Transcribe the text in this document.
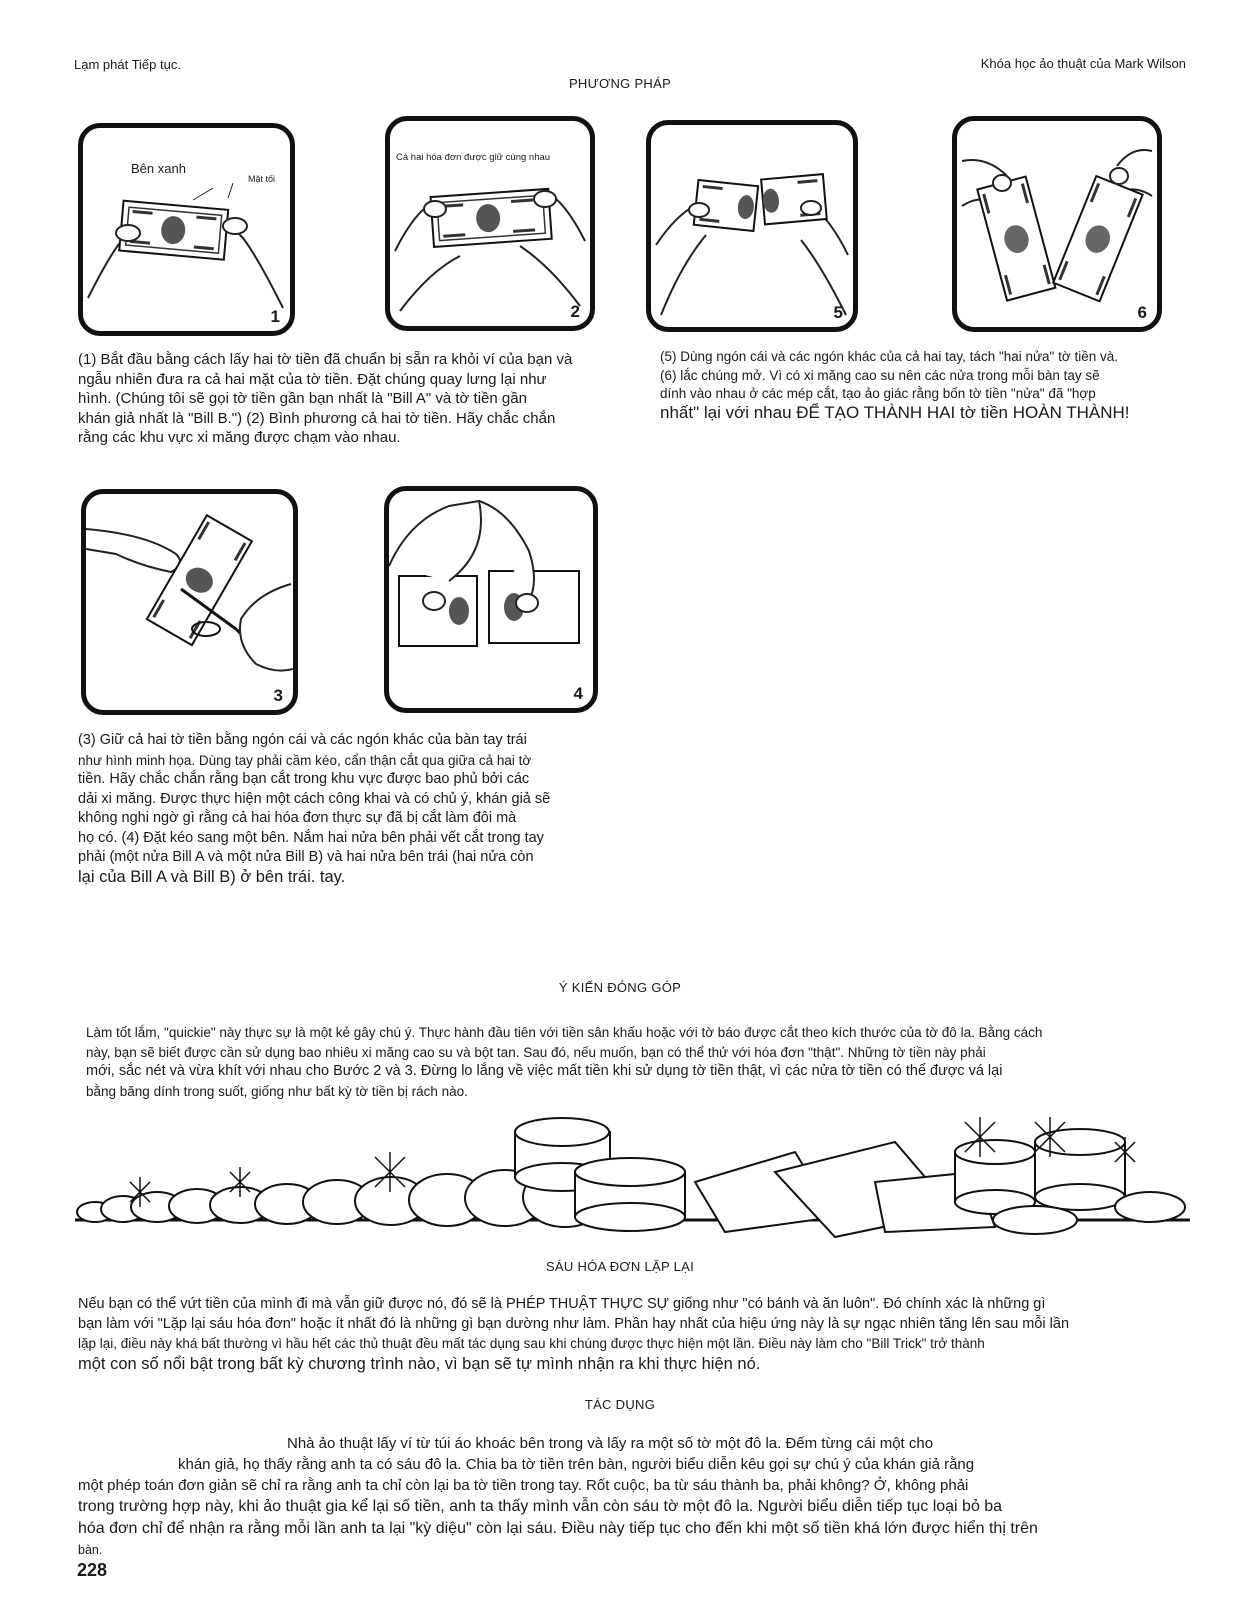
Lạm phát Tiếp tục.	Khóa học ảo thuật của Mark Wilson
PHƯƠNG PHÁP
Bên xanh
Mặt tối
1
Cả hai hóa đơn được giữ cùng nhau
2	5	6
(1) Bắt đầu bằng cách lấy hai tờ tiền đã chuẩn bị sẵn ra khỏi ví của bạn và
ngẫu nhiên đưa ra cả hai mặt của tờ tiền. Đặt chúng quay lưng lại như
hình. (Chúng tôi sẽ gọi tờ tiền gần bạn nhất là "Bill A" và tờ tiền gần
khán giả nhất là "Bill B.") (2) Bình phương cả hai tờ tiền. Hãy chắc chắn
rằng các khu vực xi măng được chạm vào nhau.
(5) Dùng ngón cái và các ngón khác của cả hai tay, tách "hai nửa" tờ tiền và.
(6) lắc chúng mở. Vì có xi măng cao su nên các nửa trong mỗi bàn tay sẽ
dính vào nhau ở các mép cắt, tạo ảo giác rằng bốn tờ tiền "nửa" đã "hợp
nhất" lại với nhau ĐỂ TẠO THÀNH HAI tờ tiền HOÀN THÀNH!
3	4
(3) Giữ cả hai tờ tiền bằng ngón cái và các ngón khác của bàn tay trái
như hình minh họa. Dùng tay phải cầm kéo, cẩn thận cắt qua giữa cả hai tờ
tiền. Hãy chắc chắn rằng bạn cắt trong khu vực được bao phủ bởi các
dải xi măng. Được thực hiện một cách công khai và có chủ ý, khán giả sẽ
không nghi ngờ gì rằng cả hai hóa đơn thực sự đã bị cắt làm đôi mà
họ có. (4) Đặt kéo sang một bên. Nắm hai nửa bên phải vết cắt trong tay
phải (một nửa Bill A và một nửa Bill B) và hai nửa bên trái (hai nửa còn
lại của Bill A và Bill B) ở bên trái. tay.
Ý KIẾN ĐÓNG GÓP
Làm tốt lắm, "quickie" này thực sự là một kẻ gây chú ý. Thực hành đầu tiên với tiền sân khấu hoặc với tờ báo được cắt theo kích thước của tờ đô la. Bằng cách
này, bạn sẽ biết được cần sử dụng bao nhiêu xi măng cao su và bột tan. Sau đó, nếu muốn, bạn có thể thử với hóa đơn "thật". Những tờ tiền này phải
mới, sắc nét và vừa khít với nhau cho Bước 2 và 3. Đừng lo lắng về việc mất tiền khi sử dụng tờ tiền thật, vì các nửa tờ tiền có thể được vá lại
bằng băng dính trong suốt, giống như bất kỳ tờ tiền bị rách nào.
SÁU HÓA ĐƠN LẶP LẠI
Nếu bạn có thể vứt tiền của mình đi mà vẫn giữ được nó, đó sẽ là PHÉP THUẬT THỰC SỰ giống như "có bánh và ăn luôn". Đó chính xác là những gì
bạn làm với "Lặp lại sáu hóa đơn" hoặc ít nhất đó là những gì bạn dường như làm. Phần hay nhất của hiệu ứng này là sự ngạc nhiên tăng lên sau mỗi lần
lặp lại, điều này khá bất thường vì hầu hết các thủ thuật đều mất tác dụng sau khi chúng được thực hiện một lần. Điều này làm cho "Bill Trick" trở thành
một con số nổi bật trong bất kỳ chương trình nào, vì bạn sẽ tự mình nhận ra khi thực hiện nó.
TÁC DỤNG
Nhà ảo thuật lấy ví từ túi áo khoác bên trong và lấy ra một số tờ một đô la. Đếm từng cái một cho
khán giả, họ thấy rằng anh ta có sáu đô la. Chia ba tờ tiền trên bàn, người biểu diễn kêu gọi sự chú ý của khán giả rằng
một phép toán đơn giản sẽ chỉ ra rằng anh ta chỉ còn lại ba tờ tiền trong tay. Rốt cuộc, ba từ sáu thành ba, phải không? Ở, không phải
trong trường hợp này, khi ảo thuật gia kể lại số tiền, anh ta thấy mình vẫn còn sáu tờ một đô la. Người biểu diễn tiếp tục loại bỏ ba
hóa đơn chỉ để nhận ra rằng mỗi lần anh ta lại "kỳ diệu" còn lại sáu. Điều này tiếp tục cho đến khi một số tiền khá lớn được hiển thị trên
bàn.
228
